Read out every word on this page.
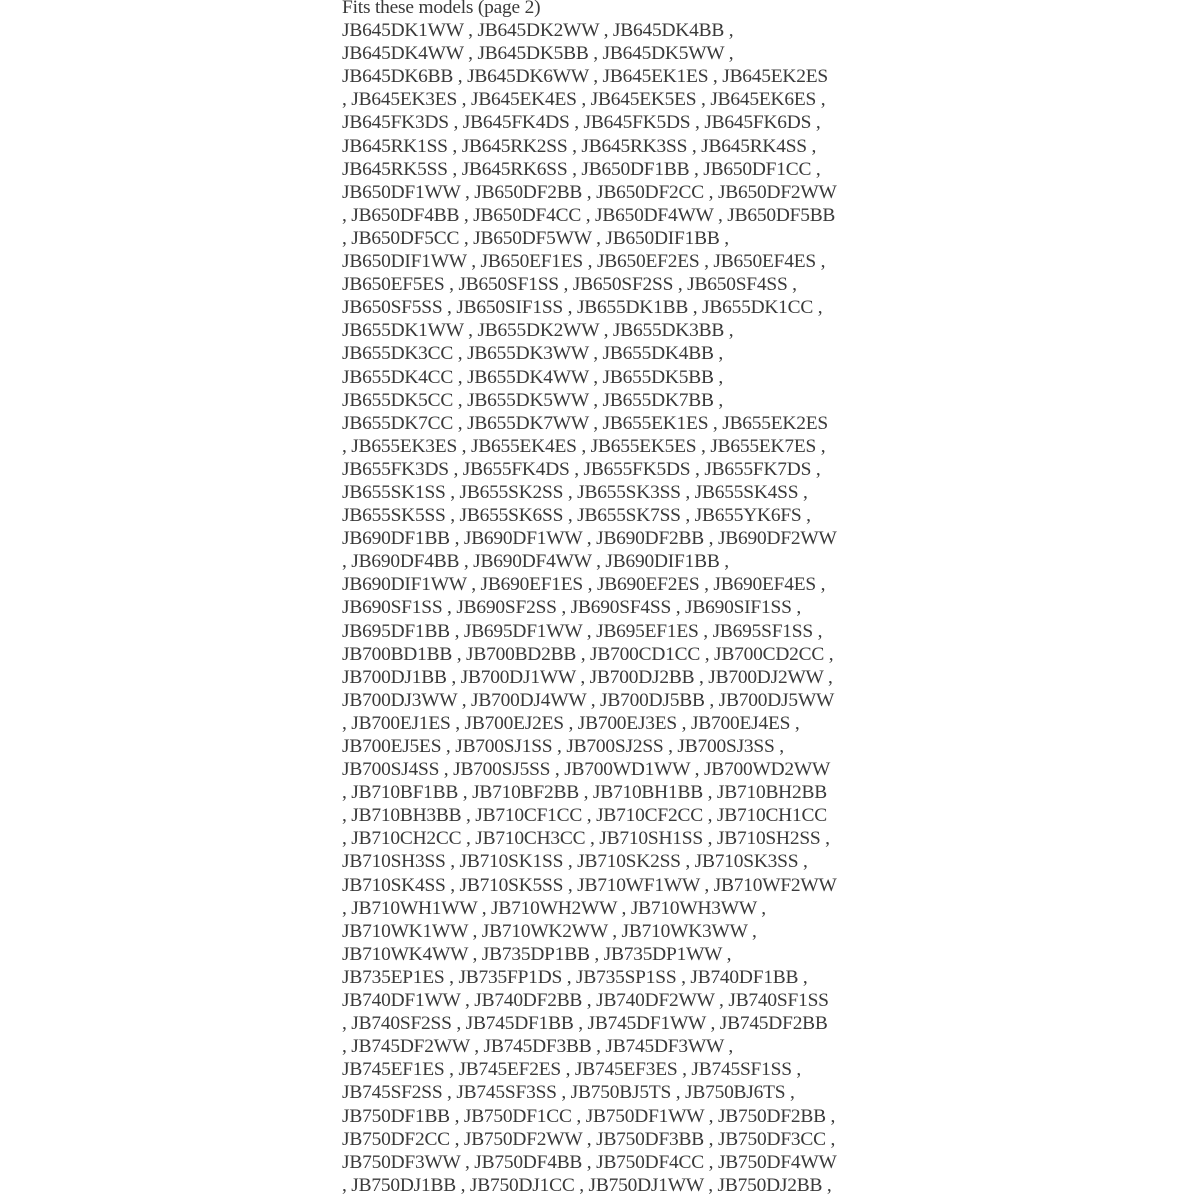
Fits these models (page 2)
JB645DK1WW , JB645DK2WW , JB645DK4BB ,
JB645DK4WW , JB645DK5BB , JB645DK5WW ,
JB645DK6BB , JB645DK6WW , JB645EK1ES , JB645EK2ES
, JB645EK3ES , JB645EK4ES , JB645EK5ES , JB645EK6ES ,
JB645FK3DS , JB645FK4DS , JB645FK5DS , JB645FK6DS ,
JB645RK1SS , JB645RK2SS , JB645RK3SS , JB645RK4SS ,
JB645RK5SS , JB645RK6SS , JB650DF1BB , JB650DF1CC ,
JB650DF1WW , JB650DF2BB , JB650DF2CC , JB650DF2WW
, JB650DF4BB , JB650DF4CC , JB650DF4WW , JB650DF5BB
, JB650DF5CC , JB650DF5WW , JB650DIF1BB ,
JB650DIF1WW , JB650EF1ES , JB650EF2ES , JB650EF4ES ,
JB650EF5ES , JB650SF1SS , JB650SF2SS , JB650SF4SS ,
JB650SF5SS , JB650SIF1SS , JB655DK1BB , JB655DK1CC ,
JB655DK1WW , JB655DK2WW , JB655DK3BB ,
JB655DK3CC , JB655DK3WW , JB655DK4BB ,
JB655DK4CC , JB655DK4WW , JB655DK5BB ,
JB655DK5CC , JB655DK5WW , JB655DK7BB ,
JB655DK7CC , JB655DK7WW , JB655EK1ES , JB655EK2ES
, JB655EK3ES , JB655EK4ES , JB655EK5ES , JB655EK7ES ,
JB655FK3DS , JB655FK4DS , JB655FK5DS , JB655FK7DS ,
JB655SK1SS , JB655SK2SS , JB655SK3SS , JB655SK4SS ,
JB655SK5SS , JB655SK6SS , JB655SK7SS , JB655YK6FS ,
JB690DF1BB , JB690DF1WW , JB690DF2BB , JB690DF2WW
, JB690DF4BB , JB690DF4WW , JB690DIF1BB ,
JB690DIF1WW , JB690EF1ES , JB690EF2ES , JB690EF4ES ,
JB690SF1SS , JB690SF2SS , JB690SF4SS , JB690SIF1SS ,
JB695DF1BB , JB695DF1WW , JB695EF1ES , JB695SF1SS ,
JB700BD1BB , JB700BD2BB , JB700CD1CC , JB700CD2CC ,
JB700DJ1BB , JB700DJ1WW , JB700DJ2BB , JB700DJ2WW ,
JB700DJ3WW , JB700DJ4WW , JB700DJ5BB , JB700DJ5WW
, JB700EJ1ES , JB700EJ2ES , JB700EJ3ES , JB700EJ4ES ,
JB700EJ5ES , JB700SJ1SS , JB700SJ2SS , JB700SJ3SS ,
JB700SJ4SS , JB700SJ5SS , JB700WD1WW , JB700WD2WW
, JB710BF1BB , JB710BF2BB , JB710BH1BB , JB710BH2BB
, JB710BH3BB , JB710CF1CC , JB710CF2CC , JB710CH1CC
, JB710CH2CC , JB710CH3CC , JB710SH1SS , JB710SH2SS ,
JB710SH3SS , JB710SK1SS , JB710SK2SS , JB710SK3SS ,
JB710SK4SS , JB710SK5SS , JB710WF1WW , JB710WF2WW
, JB710WH1WW , JB710WH2WW , JB710WH3WW ,
JB710WK1WW , JB710WK2WW , JB710WK3WW ,
JB710WK4WW , JB735DP1BB , JB735DP1WW ,
JB735EP1ES , JB735FP1DS , JB735SP1SS , JB740DF1BB ,
JB740DF1WW , JB740DF2BB , JB740DF2WW , JB740SF1SS
, JB740SF2SS , JB745DF1BB , JB745DF1WW , JB745DF2BB
, JB745DF2WW , JB745DF3BB , JB745DF3WW ,
JB745EF1ES , JB745EF2ES , JB745EF3ES , JB745SF1SS ,
JB745SF2SS , JB745SF3SS , JB750BJ5TS , JB750BJ6TS ,
JB750DF1BB , JB750DF1CC , JB750DF1WW , JB750DF2BB ,
JB750DF2CC , JB750DF2WW , JB750DF3BB , JB750DF3CC ,
JB750DF3WW , JB750DF4BB , JB750DF4CC , JB750DF4WW
, JB750DJ1BB , JB750DJ1CC , JB750DJ1WW , JB750DJ2BB ,
